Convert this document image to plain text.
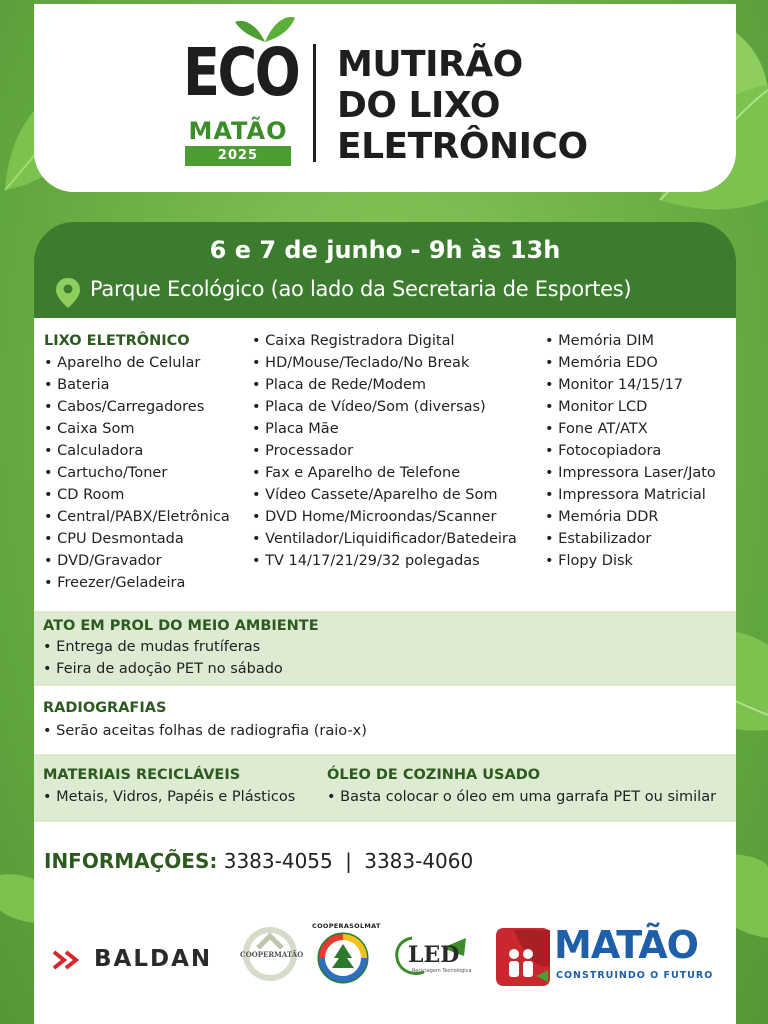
ECO
MATÃO
2025
MUTIRÃO
DO LIXO
ELETRÔNICO
6 e 7 de junho - 9h às 13h
Parque Ecológico (ao lado da Secretaria de Esportes)
LIXO ELETRÔNICO
• Aparelho de Celular
• Bateria
• Cabos/Carregadores
• Caixa Som
• Calculadora
• Cartucho/Toner
• CD Room
• Central/PABX/Eletrônica
• CPU Desmontada
• DVD/Gravador
• Freezer/Geladeira
• Caixa Registradora Digital
• HD/Mouse/Teclado/No Break
• Placa de Rede/Modem
• Placa de Vídeo/Som (diversas)
• Placa Mãe
• Processador
• Fax e Aparelho de Telefone
• Vídeo Cassete/Aparelho de Som
• DVD Home/Microondas/Scanner
• Ventilador/Liquidificador/Batedeira
• TV 14/17/21/29/32 polegadas
• Memória DIM
• Memória EDO
• Monitor 14/15/17
• Monitor LCD
• Fone AT/ATX
• Fotocopiadora
• Impressora Laser/Jato
• Impressora Matricial
• Memória DDR
• Estabilizador
• Flopy Disk
ATO EM PROL DO MEIO AMBIENTE
• Entrega de mudas frutíferas
• Feira de adoção PET no sábado
RADIOGRAFIAS
• Serão aceitas folhas de radiografia (raio-x)
MATERIAIS RECICLÁVEIS
• Metais, Vidros, Papéis e Plásticos
ÓLEO DE COZINHA USADO
• Basta colocar o óleo em uma garrafa PET ou similar
INFORMAÇÕES: 3383-4055 | 3383-4060
BALDAN	COOPERMATÃO
COOPERASOLMAT
LED
Reciclagem Tecnológica
MATÃO
CONSTRUINDO O FUTURO
